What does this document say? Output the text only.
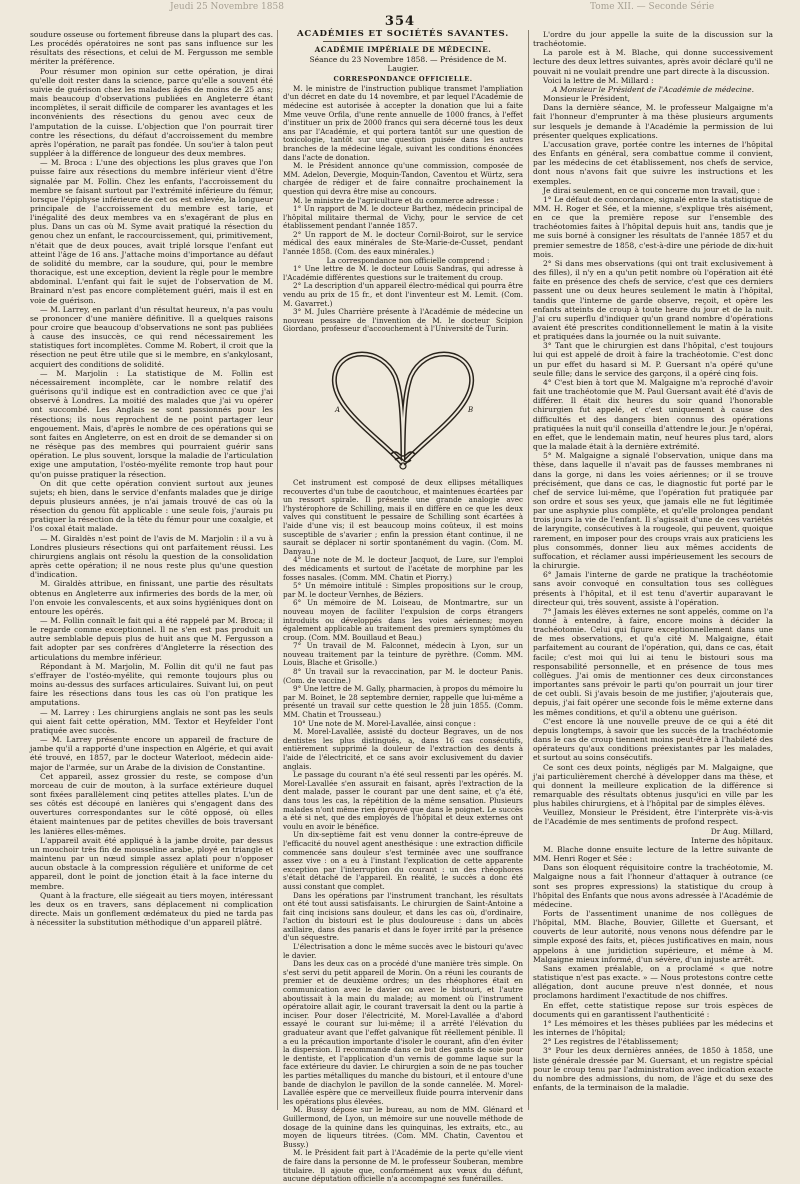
Jeudi 25 Novembre 1858	Tome XII. — Seconde Série
354

soudure osseuse ou fortement fibreuse dans la plupart des cas. Les procédés opératoires ne sont pas sans influence sur les résultats des résections, et celui de M. Fergusson me semble mériter la préférence.

Pour résumer mon opinion sur cette opération, je dirai qu'elle doit rester dans la science, parce qu'elle a souvent été suivie de guérison chez les malades âgés de moins de 25 ans; mais beaucoup d'observations publiées en Angleterre étant incomplètes, il serait difficile de comparer les avantages et les inconvénients des résections du genou avec ceux de l'amputation de la cuisse. L'objection que l'on pourrait tirer contre les résections, du défaut d'accroissement du membre après l'opération, ne paraît pas fondée. Un sou'ier à talon peut suppléer à la différence de longueur des deux membres.

— M. Broca : L'une des objections les plus graves que l'on puisse faire aux résections du membre inférieur vient d'être signalée par M. Follin. Chez les enfants, l'accroissement du membre se faisant surtout par l'extrémité inférieure du fémur, lorsque l'épiphyse inférieure de cet os est enlevée, la longueur principale de l'accroissement du membre est tarie, et l'inégalité des deux membres va en s'exagérant de plus en plus. Dans un cas où M. Syme avait pratiqué la résection du genou chez un enfant, le raccourcissement, qui, primitivement, n'était que de deux pouces, avait triplé lorsque l'enfant eut atteint l'âge de 16 ans. J'attache moins d'importance au défaut de solidité du membre, car la soudure, qui, pour le membre thoracique, est une exception, devient la règle pour le membre abdominal. L'enfant qui fait le sujet de l'observation de M. Brainard n'est pas encore complètement guéri, mais il est en voie de guérison.

— M. Larrey, en parlant d'un résultat heureux, n'a pas voulu se prononcer d'une manière définitive. Il a quelques raisons pour croire que beaucoup d'observations ne sont pas publiées à cause des insuccès, ce qui rend nécessairement les statistiques fort incomplètes. Comme M. Robert, il croit que la résection ne peut être utile que si le membre, en s'ankylosant, acquiert des conditions de solidité.

— M. Marjolin : La statistique de M. Follin est nécessairement incomplète, car le nombre relatif des guérisons qu'il indique est en contradiction avec ce que j'ai observé à Londres. La moitié des malades que j'ai vu opérer ont succombé. Les Anglais se sont passionnés pour les résections; ils nous reprochent de ne point partager leur engouement. Mais, d'après le nombre de ces opérations qui se sont faites en Angleterre, on est en droit de se demander si on ne résèque pas des membres qui pourraient guérir sans opération. Le plus souvent, lorsque la maladie de l'articulation exige une amputation, l'ostéo-myélite remonte trop haut pour qu'on puisse pratiquer la résection.

On dit que cette opération convient surtout aux jeunes sujets; eh bien, dans le service d'enfants malades que je dirige depuis plusieurs années, je n'ai jamais trouvé de cas où la résection du genou fût applicable : une seule fois, j'aurais pu pratiquer la résection de la tête du fémur pour une coxalgie, et l'os coxal était malade.

— M. Giraldès n'est point de l'avis de M. Marjolin : il a vu à Londres plusieurs résections qui ont parfaitement réussi. Les chirurgiens anglais ont résolu la question de la consolidation après cette opération; il ne nous reste plus qu'une question d'indication.

M. Giraldès attribue, en finissant, une partie des résultats obtenus en Angleterre aux infirmeries des bords de la mer, où l'on envoie les convalescents, et aux soins hygiéniques dont on entoure les opérés.

— M. Follin connaît le fait qui a été rappelé par M. Broca; il le regarde comme exceptionnel. Il ne s'en est pas produit un autre semblable depuis plus de huit ans que M. Fergusson a fait adopter par ses confrères d'Angleterre la résection des articulations du membre inférieur.

Répondant à M. Marjolin, M. Follin dit qu'il ne faut pas s'effrayer de l'ostéo-myélite, qui remonte toujours plus ou moins au-dessus des surfaces articulaires. Suivant lui, on peut faire les résections dans tous les cas où l'on pratique les amputations.

— M. Larrey : Les chirurgiens anglais ne sont pas les seuls qui aient fait cette opération, MM. Textor et Heyfelder l'ont pratiquée avec succès.

— M. Larrey présente encore un appareil de fracture de jambe qu'il a rapporté d'une inspection en Algérie, et qui avait été trouvé, en 1857, par le docteur Waterloot, médecin aide-major de l'armée, sur un Arabe de la division de Constantine.

Cet appareil, assez grossier du reste, se compose d'un morceau de cuir de mouton, à la surface extérieure duquel sont fixées parallèlement cinq petites attelles plates. L'un de ses côtés est découpé en lanières qui s'engagent dans des ouvertures correspondantes sur le côté opposé, où elles étaient maintenues par de petites chevilles de bois traversant les lanières elles-mêmes.

L'appareil avait été appliqué à la jambe droite, par dessus un mouchoir très fin de mousseline arabe, ployé en triangle et maintenu par un nœud simple assez aplati pour n'opposer aucun obstacle à la compression régulière et uniforme de cet appareil, dont le point de jonction était à la face interne du membre.

Quant à la fracture, elle siégeait au tiers moyen, intéressant les deux os en travers, sans déplacement ni complication directe. Mais un gonflement œdémateux du pied ne tarda pas à nécessiter la substitution méthodique d'un appareil plâtré.

ACADÉMIES ET SOCIÉTÉS SAVANTES.
ACADÉMIE IMPÉRIALE DE MÉDECINE.

Séance du 23 Novembre 1858. — Présidence de M. Laugier.

CORRESPONDANCE OFFICIELLE.

M. le ministre de l'instruction publique transmet l'ampliation d'un décret en date du 14 novembre, et par lequel l'Académie de médecine est autorisée à accepter la donation que lui a faite Mme veuve Orfila, d'une rente annuelle de 1000 francs, à l'effet d'instituer un prix de 2000 francs qui sera décerné tous les deux ans par l'Académie, et qui portera tantôt sur une question de toxicologie, tantôt sur une question puisée dans les autres branches de la médecine légale, suivant les conditions énoncées dans l'acte de donation.

M. le Président annonce qu'une commission, composée de MM. Adelon, Devergie, Moquin-Tandon, Caventou et Würtz, sera chargée de rédiger et de faire connaître prochainement la question qui devra être mise au concours.

M. le ministre de l'agriculture et du commerce adresse :

1° Un rapport de M. le docteur Barthez, médecin principal de l'hôpital militaire thermal de Vichy, pour le service de cet établissement pendant l'année 1857.

2° Un rapport de M. le docteur Cornil-Boirot, sur le service médical des eaux minérales de Ste-Marie-de-Cusset, pendant l'année 1858. (Com. des eaux minérales.)

La correspondance non officielle comprend :

1° Une lettre de M. le docteur Louis Sandras, qui adresse à l'Académie différentes questions sur le traitement du croup.

2° La description d'un appareil électro-médical qui pourra être vendu au prix de 15 fr., et dont l'inventeur est M. Lemit. (Com. M. Gavarret.)

3° M. Jules Charrière présente à l'Académie de médecine un nouveau pessaire de l'invention de M. le docteur Scipion Giordano, professeur d'accouchement à l'Université de Turin.

A	B

Cet instrument est composé de deux ellipses métalliques recouvertes d'un tube de caoutchouc, et maintenues écartées par un ressort spirale. Il présente une grande analogie avec l'hystérophore de Schilling, mais il en diffère en ce que les deux valves qui constituent le pessaire de Schilling sont écartées à l'aide d'une vis; il est beaucoup moins coûteux, il est moins susceptible de s'avarier ; enfin la pression étant continue, il ne saurait se déplacer ni sortir spontanément du vagin. (Com. M. Danyau.)

4° Une note de M. le docteur Jacquot, de Lure, sur l'emploi des médicaments et surtout de l'acétate de morphine par les fosses nasales. (Comm. MM. Chatin et Piorry.)

5° Un mémoire intitulé : Simples propositions sur le croup, par M. le docteur Vernhes, de Béziers.

6° Un mémoire de M. Loiseau, de Montmartre, sur un nouveau moyen de faciliter l'expulsion de corps étrangers introduits ou développés dans les voies aériennes; moyen également applicable au traitement des premiers symptômes du croup. (Com. MM. Bouillaud et Beau.)

7° Un travail de M. Falconnet, médecin à Lyon, sur un nouveau traitement par la teinture de pyrèthre. (Comm. MM. Louis, Blache et Grisolle.)

8° Un travail sur la revaccination, par M. le docteur Panis. (Com. de vaccine.)

9° Une lettre de M. Gally, pharmacien, à propos du mémoire lu par M. Boinet, le 28 septembre dernier, rappelle que lui-même a présenté un travail sur cette question le 28 juin 1855. (Comm. MM. Chatin et Trousseau.)

10° Une note de M. Morel-Lavallée, ainsi conçue :

M. Morel-Lavallée, assisté du docteur Begraves, un de nos dentistes les plus distingués, a, dans 16 cas consécutifs, entièrement supprimé la douleur de l'extraction des dents à l'aide de l'électricité, et ce sans avoir exclusivement du davier anglais.

Le passage du courant n'a été seul ressenti par les opérés. M. Morel-Lavallée s'en assurait en faisant, après l'extraction de la dent malade, passer le courant par une dent saine, et ç'a été, dans tous les cas, la répétition de la même sensation. Plusieurs malades n'ont même rien éprouvé que dans le poignet. Le succès a été si net, que des employés de l'hôpital et deux externes ont voulu en avoir le bénéfice.

Un dix-septième fait est venu donner la contre-épreuve de l'efficacité du nouvel agent anesthésique : une extraction difficile commencée sans douleur s'est terminée avec une souffrance assez vive : on a eu à l'instant l'explication de cette apparente exception par l'interruption du courant : un des rhéophores s'était détaché de l'appareil. En réalité, le succès a donc été aussi constant que complet.

Dans les opérations par l'instrument tranchant, les résultats ont été tout aussi satisfaisants. Le chirurgien de Saint-Antoine a fait cinq incisions sans douleur, et dans les cas où, d'ordinaire, l'action du bistouri est le plus douloureuse : dans un abcès axillaire, dans des panaris et dans le foyer irrité par la présence d'un séquestre.

L'électrisation a donc le même succès avec le bistouri qu'avec le davier.

Dans les deux cas on a procédé d'une manière très simple. On s'est servi du petit appareil de Morin. On a réuni les courants de premier et de deuxième ordres; un des rhéophores était en communication avec le davier ou avec le bistouri, et l'autre aboutissait à la main du malade; au moment où l'instrument opératoire allait agir, le courant traversait la dent ou la partie à inciser. Pour doser l'électricité, M. Morel-Lavallée a d'abord essayé le courant sur lui-même; il a arrêté l'élévation du graduateur avant que l'effet galvanique fût réellement pénible. Il a eu la précaution importante d'isoler le courant, afin d'en éviter la dispersion. Il recommande dans ce but des gants de soie pour le dentiste, et l'application d'un vernis de gomme laque sur la face extérieure du davier. Le chirurgien a soin de ne pas toucher les parties métalliques du manche du bistouri, et il entoure d'une bande de diachylon le pavillon de la sonde cannelée. M. Morel-Lavallée espère que ce merveilleux fluide pourra intervenir dans les opérations plus élevées.

M. Bussy dépose sur le bureau, au nom de MM. Glénard et Guillermond, de Lyon, un mémoire sur une nouvelle méthode de dosage de la quinine dans les quinquinas, les extraits, etc., au moyen de liqueurs titrées. (Com. MM. Chatin, Caventou et Bussy.)

M. le Président fait part à l'Académie de la perte qu'elle vient de faire dans la personne de M. le professeur Souberan, membre titulaire. Il ajoute que, conformément aux vœux du défunt, aucune députation officielle n'a accompagné ses funérailles.

L'ordre du jour appelle la suite de la discussion sur la trachéotomie.

La parole est à M. Blache, qui donne successivement lecture des deux lettres suivantes, après avoir déclaré qu'il ne pouvait ni ne voulait prendre une part directe à la discussion.

Voici la lettre de M. Millard :

A Monsieur le Président de l'Académie de médecine.

Monsieur le Président,

Dans la dernière séance, M. le professeur Malgaigne m'a fait l'honneur d'emprunter à ma thèse plusieurs arguments sur lesquels je demande à l'Académie la permission de lui présenter quelques explications.

L'accusation grave, portée contre les internes de l'hôpital des Enfants en général, sera combattue comme il convient, par les médecins de cet établissement, nos chefs de service, dont nous n'avons fait que suivre les instructions et les exemples.

Je dirai seulement, en ce qui concerne mon travail, que :

1° Le défaut de concordance, signalé entre la statistique de MM. H. Roger et Sée, et la mienne, s'explique très aisément, en ce que la première repose sur l'ensemble des trachéotomies faites à l'hôpital depuis huit ans, tandis que je me suis borné à consigner les résultats de l'année 1857 et du premier semestre de 1858, c'est-à-dire une période de dix-huit mois.

2° Si dans mes observations (qui ont trait exclusivement à des filles), il n'y en a qu'un petit nombre où l'opération ait été faite en présence des chefs de service, c'est que ces derniers passent une ou deux heures seulement le matin à l'hôpital, tandis que l'interne de garde observe, reçoit, et opère les enfants atteints de croup à toute heure du jour et de la nuit. J'ai cru superflu d'indiquer qu'un grand nombre d'opérations avaient été prescrites conditionnellement le matin à la visite et pratiquées dans la journée ou la nuit suivante.

3° Tant que le chirurgien est dans l'hôpital, c'est toujours lui qui est appelé de droit à faire la trachéotomie. C'est donc un pur effet du hasard si M. P. Guersant n'a opéré qu'une seule fille; dans le service des garçons, il a opéré cinq fois.

4° C'est bien à tort que M. Malgaigne m'a reproché d'avoir fait une trachéotomie que M. Paul Guersant avait été d'avis de différer. Il était dix heures du soir quand l'honorable chirurgien fut appelé, et c'est uniquement à cause des difficultés et des dangers bien connus des opérations pratiquées la nuit qu'il conseilla d'attendre le jour. Je n'opérai, en effet, que le lendemain matin, neuf heures plus tard, alors que la malade était à la dernière extrémité.

5° M. Malgaigne a signalé l'observation, unique dans ma thèse, dans laquelle il n'avait pas de fausses membranes ni dans la gorge, ni dans les voies aériennes; or il se trouve précisément, que dans ce cas, le diagnostic fut porté par le chef de service lui-même, que l'opération fut pratiquée par son ordre et sous ses yeux, que jamais elle ne fut légitimée par une asphyxie plus complète, et qu'elle prolongea pendant trois jours la vie de l'enfant. Il s'agissait d'une de ces variétés de laryngite, consécutives à la rougeole, qui peuvent, quoique rarement, en imposer pour des croups vrais aux praticiens les plus consommés, donner lieu aux mêmes accidents de suffocation, et réclamer aussi impérieusement les secours de la chirurgie.

6° Jamais l'interne de garde ne pratique la trachéotomie sans avoir convoqué en consultation tous ses collègues présents à l'hôpital, et il est tenu d'avertir auparavant le directeur qui, très souvent, assiste à l'opération.

7° Jamais les élèves externes ne sont appelés, comme on l'a donné à entendre, à faire, encore moins à décider la trachéotomie. Celui qui figure exceptionnellement dans une de mes observations, et qu'a cité M. Malgaigne, était parfaitement au courant de l'opération, qui, dans ce cas, était facile; c'est moi qui lui ai tenu le bistouri sous ma responsabilité personnelle, et en présence de tous mes collègues. J'ai omis de mentionner ces deux circonstances importantes sans prévoir le parti qu'on pourrait un jour tirer de cet oubli. Si j'avais besoin de me justifier, j'ajouterais que, depuis, j'ai fait opérer une seconde fois le même externe dans les mêmes conditions, et qu'il a obtenu une guérison.

C'est encore là une nouvelle preuve de ce qui a été dit depuis longtemps, à savoir que les succès de la trachéotomie dans le cas de croup tiennent moins peut-être à l'habileté des opérateurs qu'aux conditions préexistantes par les malades, et surtout au soins consécutifs.

Ce sont ces deux points, négligés par M. Malgaigne, que j'ai particulièrement cherché à développer dans ma thèse, et qui donnent la meilleure explication de la différence si remarquable des résultats obtenus jusqu'ici en ville par les plus habiles chirurgiens, et à l'hôpital par de simples élèves.

Veuillez, Monsieur le Président, être l'interprète vis-à-vis de l'Académie de mes sentiments de profond respect.

Dr Aug. Millard,

Interne des hôpitaux.

M. Blache donne ensuite lecture de la lettre suivante de MM. Henri Roger et Sée :

Dans son éloquent réquisitoire contre la trachéotomie, M. Malgaigne nous a fait l'honneur d'attaquer à outrance (ce sont ses propres expressions) la statistique du croup à l'hôpital des Enfants que nous avons adressée à l'Académie de médecine.

Forts de l'assentiment unanime de nos collègues de l'hôpital, MM. Blache, Bouvier, Gillette et Guersant, et couverts de leur autorité, nous venons nous défendre par le simple exposé des faits, et, pièces justificatives en main, nous appelons à une juridiction supérieure, et même à M. Malgaigne mieux informé, d'un sévère, d'un injuste arrêt.

Sans examen préalable, on a proclamé « que notre statistique n'est pas exacte. » — Nous protestons contre cette allégation, dont aucune preuve n'est donnée, et nous proclamons hardiment l'exactitude de nos chiffres.

En effet, cette statistique repose sur trois espèces de documents qui en garantissent l'authenticité :

1° Les mémoires et les thèses publiées par les médecins et les internes de l'hôpital;

2° Les registres de l'établissement;

3° Pour les deux dernières années, de 1850 à 1858, une liste générale dressée par M. Guersant, et un registre spécial pour le croup tenu par l'administration avec indication exacte du nombre des admissions, du nom, de l'âge et du sexe des enfants, de la terminaison de la maladie.
